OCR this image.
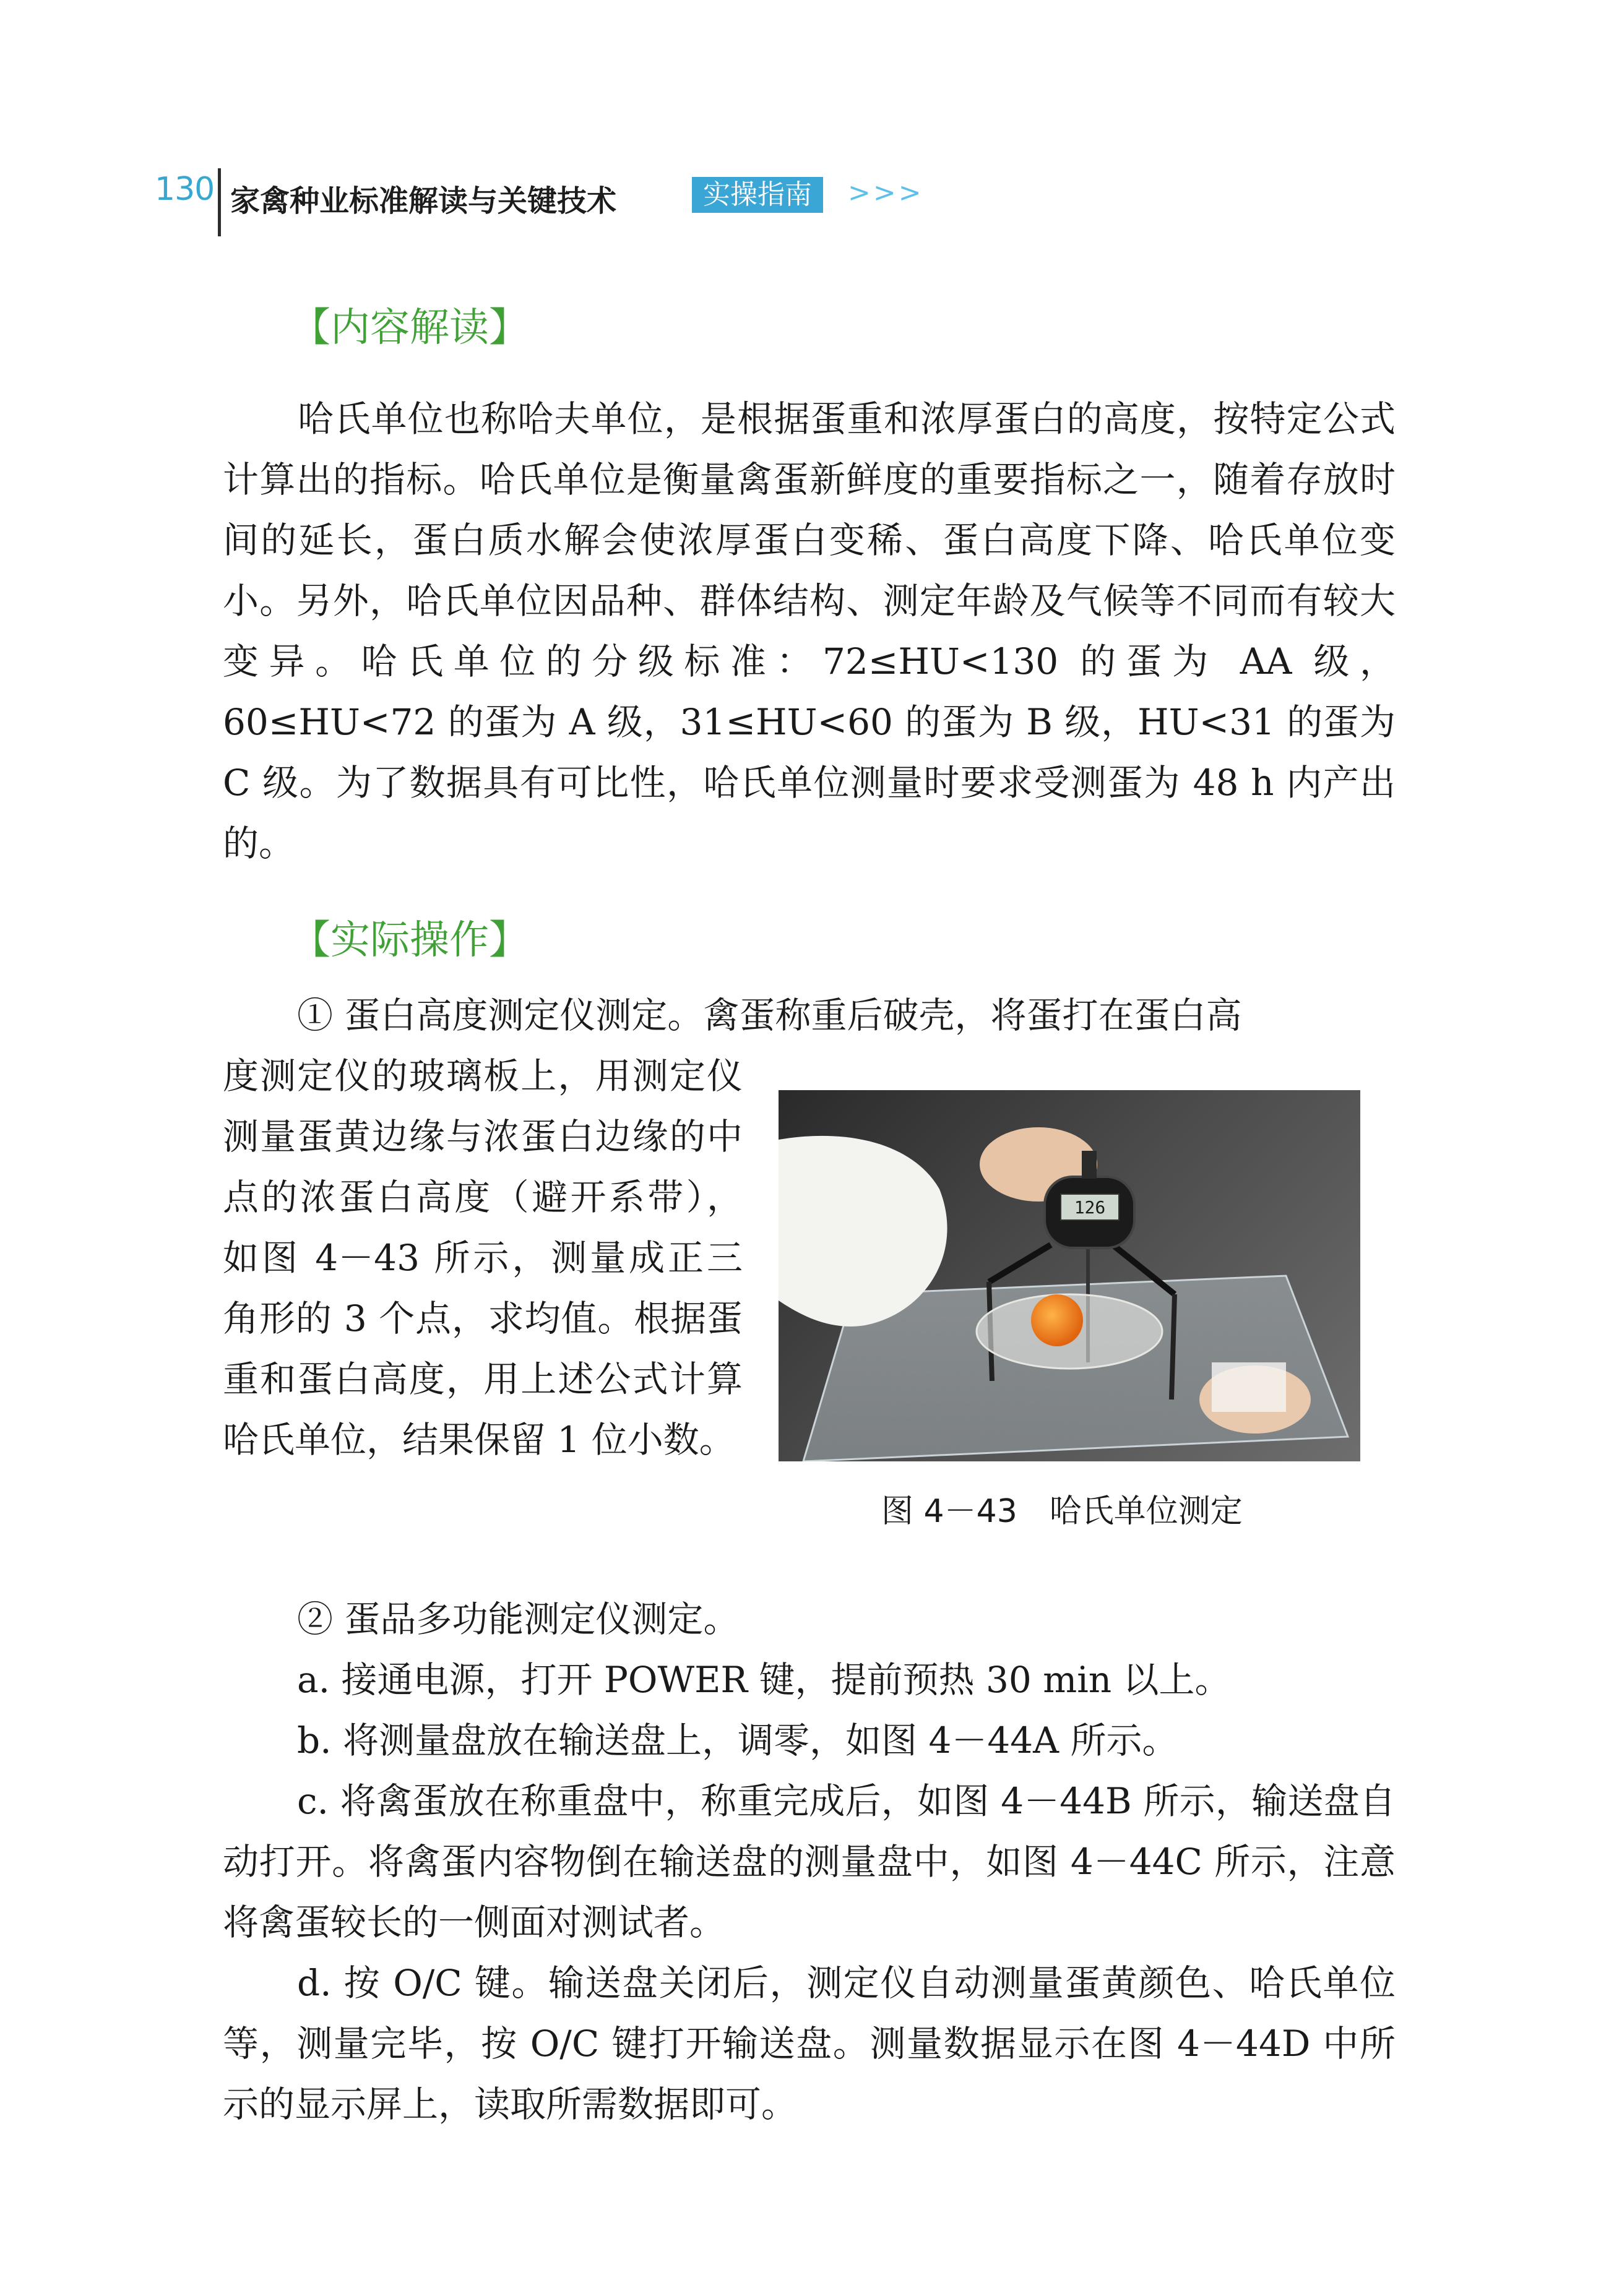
130 家禽种业标准解读与关键技术	实操指南	>>>
【内容解读】

哈氏单位也称哈夫单位，是根据蛋重和浓厚蛋白的高度，按特定公式计算出的指标。哈氏单位是衡量禽蛋新鲜度的重要指标之一，随着存放时间的延长，蛋白质水解会使浓厚蛋白变稀、蛋白高度下降、哈氏单位变小。另外，哈氏单位因品种、群体结构、测定年龄及气候等不同而有较大变异。哈氏单位的分级标准：72≤HU<130 的蛋为 AA 级，60≤HU<72 的蛋为 A 级，31≤HU<60 的蛋为 B 级，HU<31 的蛋为 C 级。为了数据具有可比性，哈氏单位测量时要求受测蛋为 48 h 内产出的。

【实际操作】
① 蛋白高度测定仪测定。禽蛋称重后破壳，将蛋打在蛋白高
度测定仪的玻璃板上，用测定仪测量蛋黄边缘与浓蛋白边缘的中点的浓蛋白高度（避开系带），如图 4－43 所示，测量成正三角形的 3 个点，求均值。根据蛋重和蛋白高度，用上述公式计算哈氏单位，结果保留 1 位小数。
126
图 4－43　哈氏单位测定
② 蛋品多功能测定仪测定。
a. 接通电源，打开 POWER 键，提前预热 30 min 以上。
b. 将测量盘放在输送盘上，调零，如图 4－44A 所示。
c. 将禽蛋放在称重盘中，称重完成后，如图 4－44B 所示，输送盘自动打开。将禽蛋内容物倒在输送盘的测量盘中，如图 4－44C 所示，注意将禽蛋较长的一侧面对测试者。
d. 按 O/C 键。输送盘关闭后，测定仪自动测量蛋黄颜色、哈氏单位等，测量完毕，按 O/C 键打开输送盘。测量数据显示在图 4－44D 中所示的显示屏上，读取所需数据即可。
